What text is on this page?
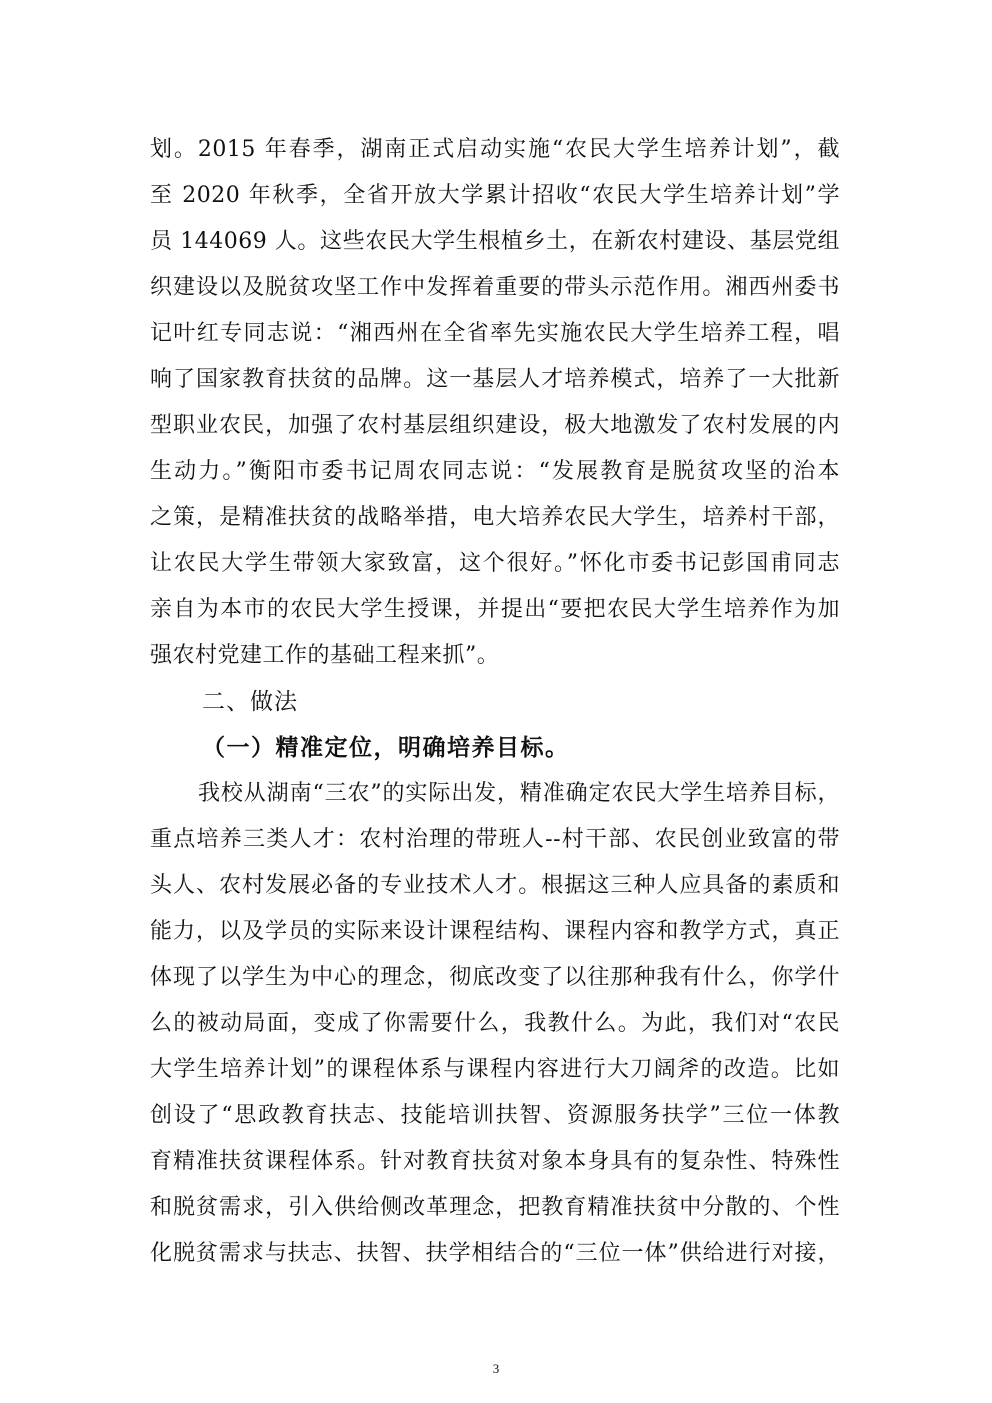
划。2015 年春季，湖南正式启动实施“农民大学生培养计划”，截
至 2020 年秋季，全省开放大学累计招收“农民大学生培养计划”学
员 144069 人。这些农民大学生根植乡土，在新农村建设、基层党组
织建设以及脱贫攻坚工作中发挥着重要的带头示范作用。湘西州委书
记叶红专同志说：“湘西州在全省率先实施农民大学生培养工程，唱
响了国家教育扶贫的品牌。这一基层人才培养模式，培养了一大批新
型职业农民，加强了农村基层组织建设，极大地激发了农村发展的内
生动力。”衡阳市委书记周农同志说：“发展教育是脱贫攻坚的治本
之策，是精准扶贫的战略举措，电大培养农民大学生，培养村干部，
让农民大学生带领大家致富，这个很好。”怀化市委书记彭国甫同志
亲自为本市的农民大学生授课，并提出“要把农民大学生培养作为加
强农村党建工作的基础工程来抓”。
二、做法
（一）精准定位，明确培养目标。
我校从湖南“三农”的实际出发，精准确定农民大学生培养目标，
重点培养三类人才：农村治理的带班人--村干部、农民创业致富的带
头人、农村发展必备的专业技术人才。根据这三种人应具备的素质和
能力，以及学员的实际来设计课程结构、课程内容和教学方式，真正
体现了以学生为中心的理念，彻底改变了以往那种我有什么，你学什
么的被动局面，变成了你需要什么，我教什么。为此，我们对“农民
大学生培养计划”的课程体系与课程内容进行大刀阔斧的改造。比如
创设了“思政教育扶志、技能培训扶智、资源服务扶学”三位一体教
育精准扶贫课程体系。针对教育扶贫对象本身具有的复杂性、特殊性
和脱贫需求，引入供给侧改革理念，把教育精准扶贫中分散的、个性
化脱贫需求与扶志、扶智、扶学相结合的“三位一体”供给进行对接，
3
